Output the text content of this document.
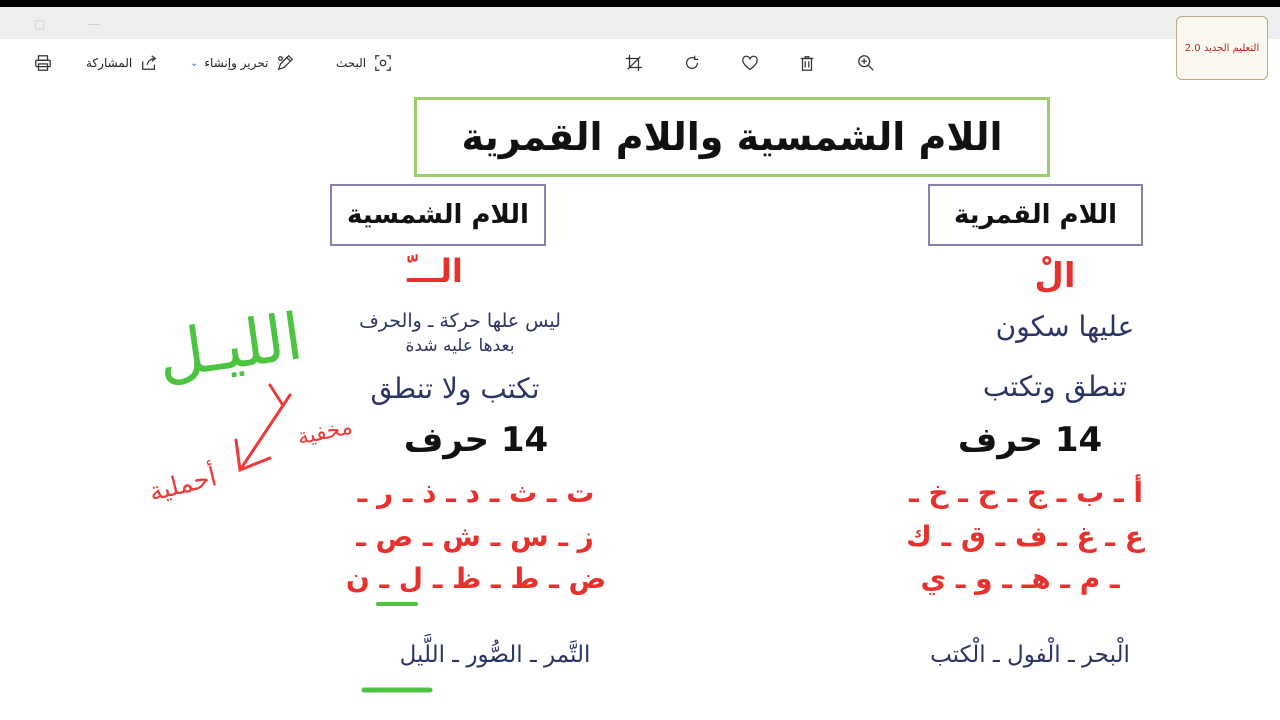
▢	—
المشاركة	تحرير وإنشاء
⌄	البحث
التعليم الجديد 2.0
اللام الشمسية واللام القمرية
اللام الشمسية	اللام القمرية
الـــّ
ليس علها حركة ـ والحرف
بعدها عليه شدة
تكتب ولا تنطق
14 حرف
ت ـ ث ـ د ـ ذ ـ ر ـ
ز ـ س ـ ش ـ ص ـ
ض ـ ط ـ ظ ـ ل ـ ن
التَّمر ـ الصُّور ـ اللَّيل
الْ
عليها سكون
تنطق وتكتب
14 حرف
أ ـ ب ـ ج ـ ح ـ خ ـ
ع ـ غ ـ ف ـ ق ـ ك
ـ م ـ هـ ـ و ـ ي
الْبحر ـ الْفول ـ الْكتب
الليـل
مخفية
أحملية
